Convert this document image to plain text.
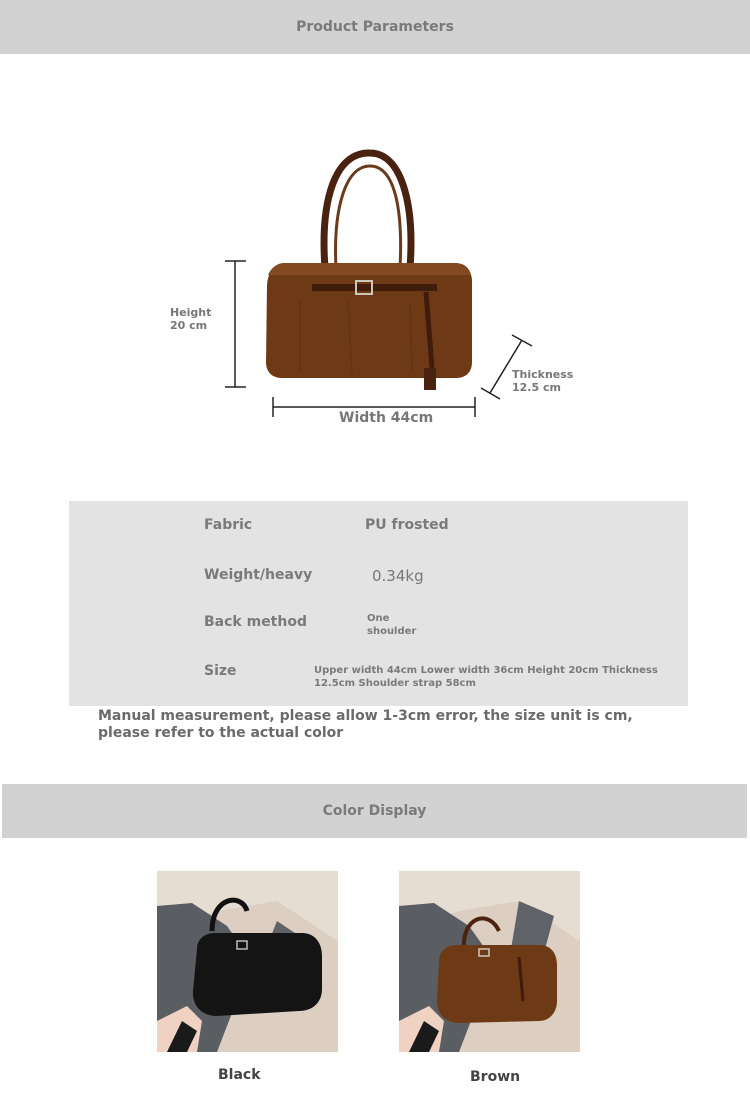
Product Parameters
Height 20 cm
Thickness 12.5 cm
Width 44cm
Fabric	PU frosted
Weight/heavy	0.34kg
Back method	One shoulder
Size	Upper width 44cm Lower width 36cm Height 20cm Thickness 12.5cm Shoulder strap 58cm
Manual measurement, please allow 1-3cm error, the size unit is cm, please refer to the actual color
Color Display
Black	Brown
